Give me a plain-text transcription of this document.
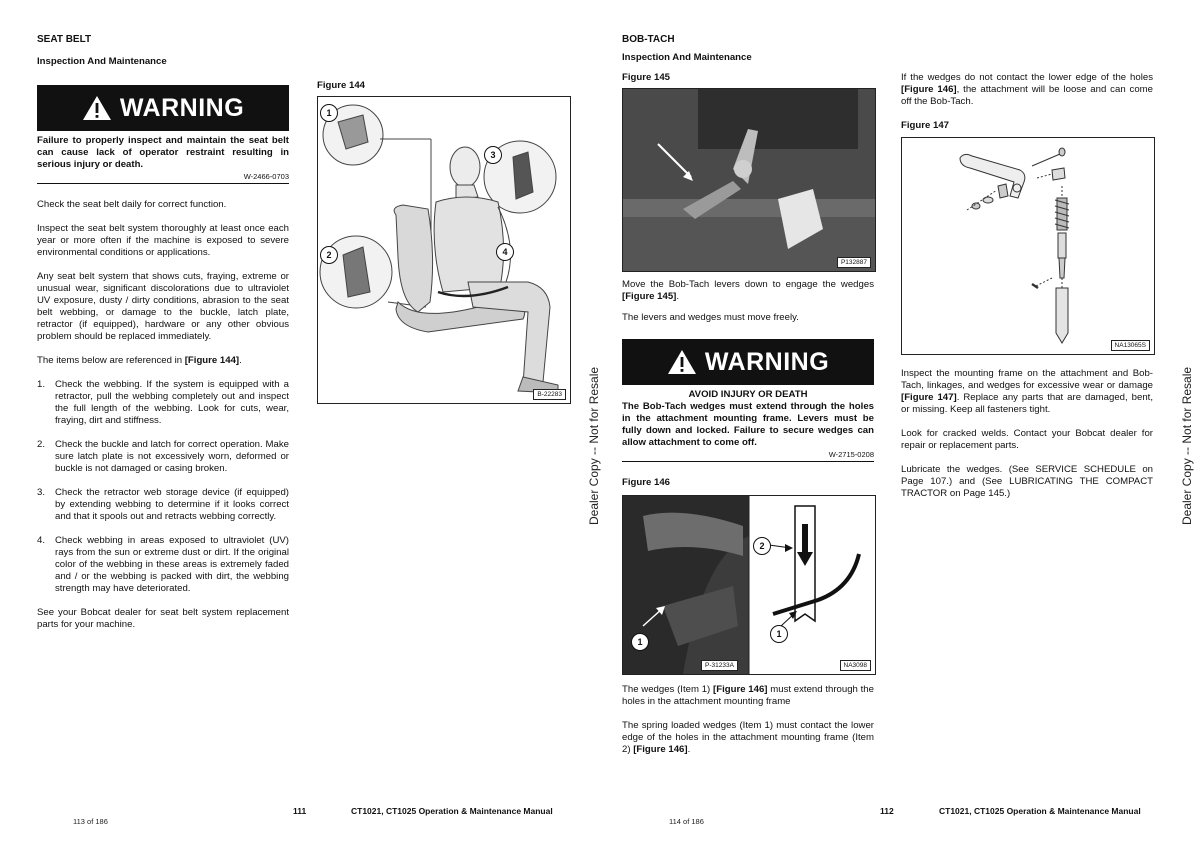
SEAT BELT
Inspection And Maintenance
WARNING
Failure to properly inspect and maintain the seat belt can cause lack of operator restraint resulting in serious injury or death.
W-2466-0703
Check the seat belt daily for correct function.
Inspect the seat belt system thoroughly at least once each year or more often if the machine is exposed to severe environmental conditions or applications.
Any seat belt system that shows cuts, fraying, extreme or unusual wear, significant discolorations due to ultraviolet UV exposure, dusty / dirty conditions, abrasion to the seat belt webbing, or damage to the buckle, latch plate, retractor (if equipped), hardware or any other obvious problem should be replaced immediately.
The items below are referenced in [Figure 144].
1. Check the webbing. If the system is equipped with a retractor, pull the webbing completely out and inspect the full length of the webbing. Look for cuts, wear, fraying, dirt and stiffness.
2. Check the buckle and latch for correct operation. Make sure latch plate is not excessively worn, deformed or buckle is not damaged or casing broken.
3. Check the retractor web storage device (if equipped) by extending webbing to determine if it looks correct and that it spools out and retracts webbing correctly.
4. Check webbing in areas exposed to ultraviolet (UV) rays from the sun or extreme dust or dirt. If the original color of the webbing in these areas is extremely faded and / or the webbing is packed with dirt, the webbing strength may have deteriorated.
See your Bobcat dealer for seat belt system replacement parts for your machine.
Figure 144
1
3
2	4
B-22283	Dealer Copy -- Not for Resale
111	CT1021, CT1025 Operation & Maintenance Manual
113 of 186
BOB-TACH
Inspection And Maintenance
Figure 145
P132887
Move the Bob-Tach levers down to engage the wedges [Figure 145].
The levers and wedges must move freely.
WARNING
AVOID INJURY OR DEATH
The Bob-Tach wedges must extend through the holes in the attachment mounting frame. Levers must be fully down and locked. Failure to secure wedges can allow attachment to come off.
W-2715-0208
Figure 146
1
2
1
P-31233A	NA3098
The wedges (Item 1) [Figure 146] must extend through the holes in the attachment mounting frame
The spring loaded wedges (Item 1) must contact the lower edge of the holes in the attachment mounting frame (Item 2) [Figure 146].
If the wedges do not contact the lower edge of the holes [Figure 146], the attachment will be loose and can come off the Bob-Tach.
Figure 147
NA13065S
Inspect the mounting frame on the attachment and Bob-Tach, linkages, and wedges for excessive wear or damage [Figure 147]. Replace any parts that are damaged, bent, or missing. Keep all fasteners tight.
Look for cracked welds. Contact your Bobcat dealer for repair or replacement parts.
Lubricate the wedges. (See SERVICE SCHEDULE on Page 107.) and (See LUBRICATING THE COMPACT TRACTOR on Page 145.)	Dealer Copy -- Not for Resale
112	CT1021, CT1025 Operation & Maintenance Manual
114 of 186
